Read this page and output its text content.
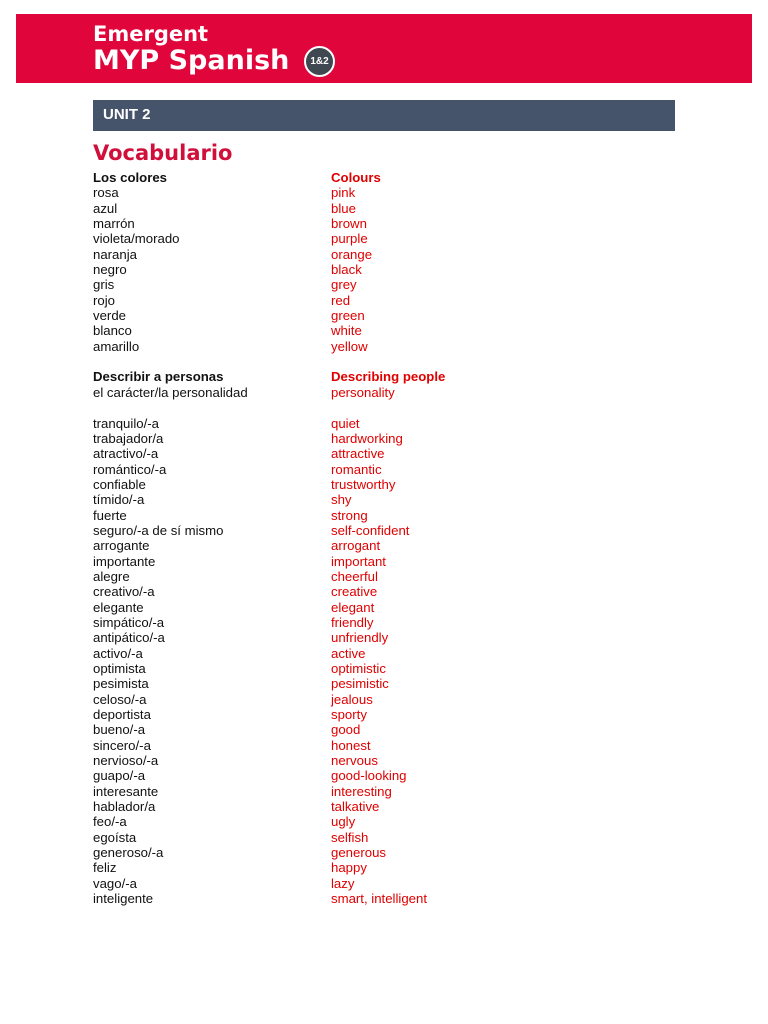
Emergent
MYP Spanish	1&2
UNIT 2
Vocabulario
Los colores
rosa
azul
marrón
violeta/morado
naranja
negro
gris
rojo
verde
blanco
amarillo
Describir a personas
el carácter/la personalidad
tranquilo/-a
trabajador/a
atractivo/-a
romántico/-a
confiable
tímido/-a
fuerte
seguro/-a de sí mismo
arrogante
importante
alegre
creativo/-a
elegante
simpático/-a
antipático/-a
activo/-a
optimista
pesimista
celoso/-a
deportista
bueno/-a
sincero/-a
nervioso/-a
guapo/-a
interesante
hablador/a
feo/-a
egoísta
generoso/-a
feliz
vago/-a
inteligente
Colours
pink
blue
brown
purple
orange
black
grey
red
green
white
yellow
Describing people
personality
quiet
hardworking
attractive
romantic
trustworthy
shy
strong
self-confident
arrogant
important
cheerful
creative
elegant
friendly
unfriendly
active
optimistic
pesimistic
jealous
sporty
good
honest
nervous
good-looking
interesting
talkative
ugly
selfish
generous
happy
lazy
smart, intelligent
